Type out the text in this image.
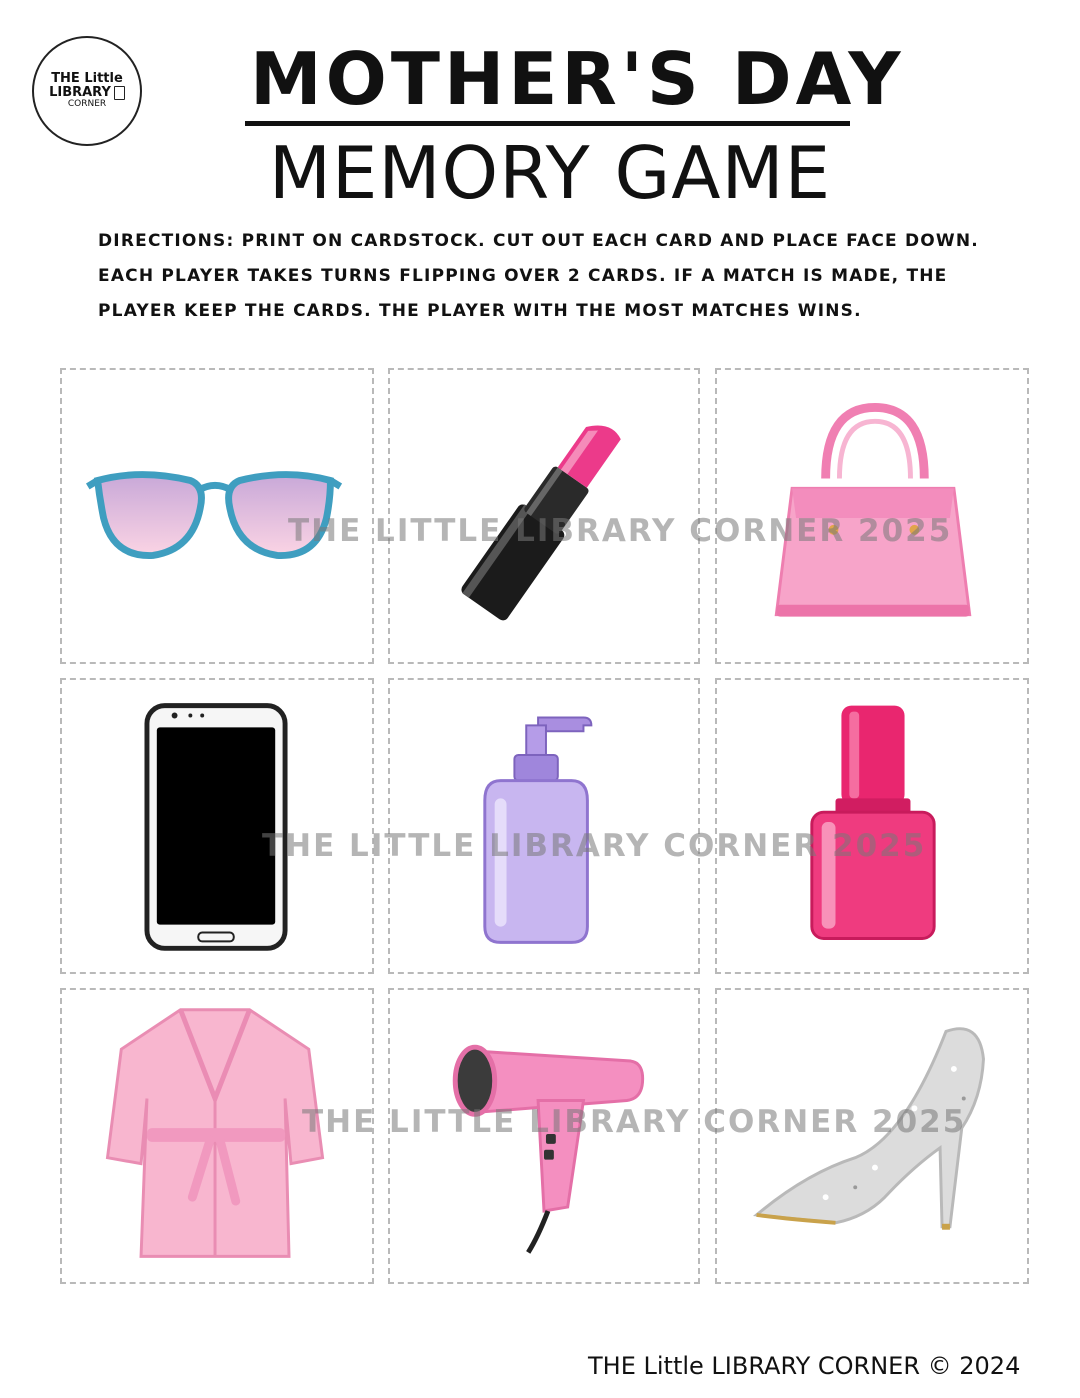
THE Little
LIBRARY
CORNER MOTHER'S DAY
MEMORY GAME
DIRECTIONS: PRINT ON CARDSTOCK. CUT OUT EACH CARD AND PLACE FACE DOWN.
EACH PLAYER TAKES TURNS FLIPPING OVER 2 CARDS. IF A MATCH IS MADE, THE
PLAYER KEEP THE CARDS. THE PLAYER WITH THE MOST MATCHES WINS.
THE LITTLE LIBRARY CORNER 2025
THE LITTLE LIBRARY CORNER 2025
THE LITTLE LIBRARY CORNER 2025
THE Little LIBRARY CORNER © 2024
